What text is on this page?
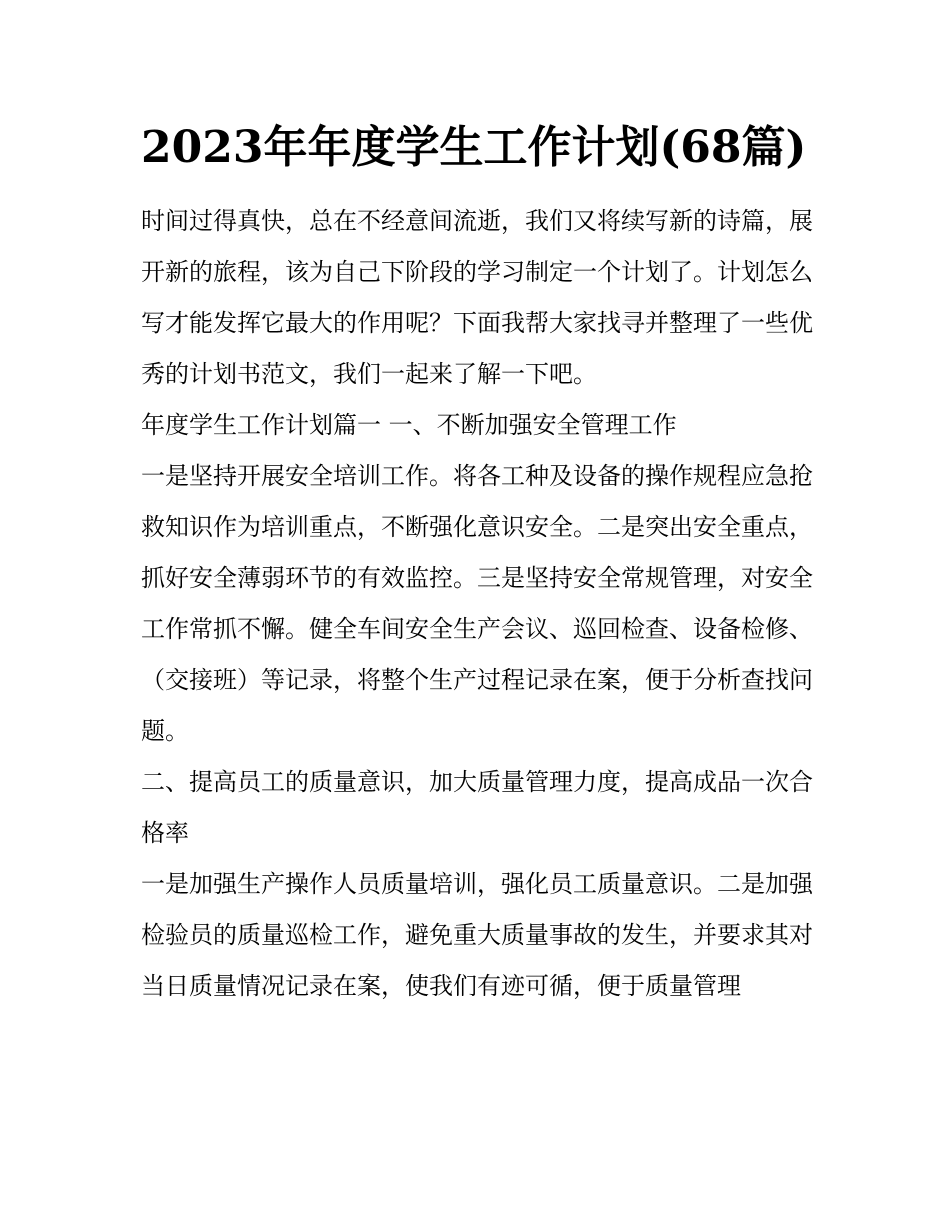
2023年年度学生工作计划(68篇)

时间过得真快，总在不经意间流逝，我们又将续写新的诗篇，展开新的旅程，该为自己下阶段的学习制定一个计划了。计划怎么写才能发挥它最大的作用呢？下面我帮大家找寻并整理了一些优秀的计划书范文，我们一起来了解一下吧。

年度学生工作计划篇一 一、不断加强安全管理工作

一是坚持开展安全培训工作。将各工种及设备的操作规程应急抢救知识作为培训重点，不断强化意识安全。二是突出安全重点，抓好安全薄弱环节的有效监控。三是坚持安全常规管理，对安全工作常抓不懈。健全车间安全生产会议、巡回检查、设备检修、（交接班）等记录，将整个生产过程记录在案，便于分析查找问题。

二、提高员工的质量意识，加大质量管理力度，提高成品一次合格率

一是加强生产操作人员质量培训，强化员工质量意识。二是加强检验员的质量巡检工作，避免重大质量事故的发生，并要求其对当日质量情况记录在案，使我们有迹可循，便于质量管理
